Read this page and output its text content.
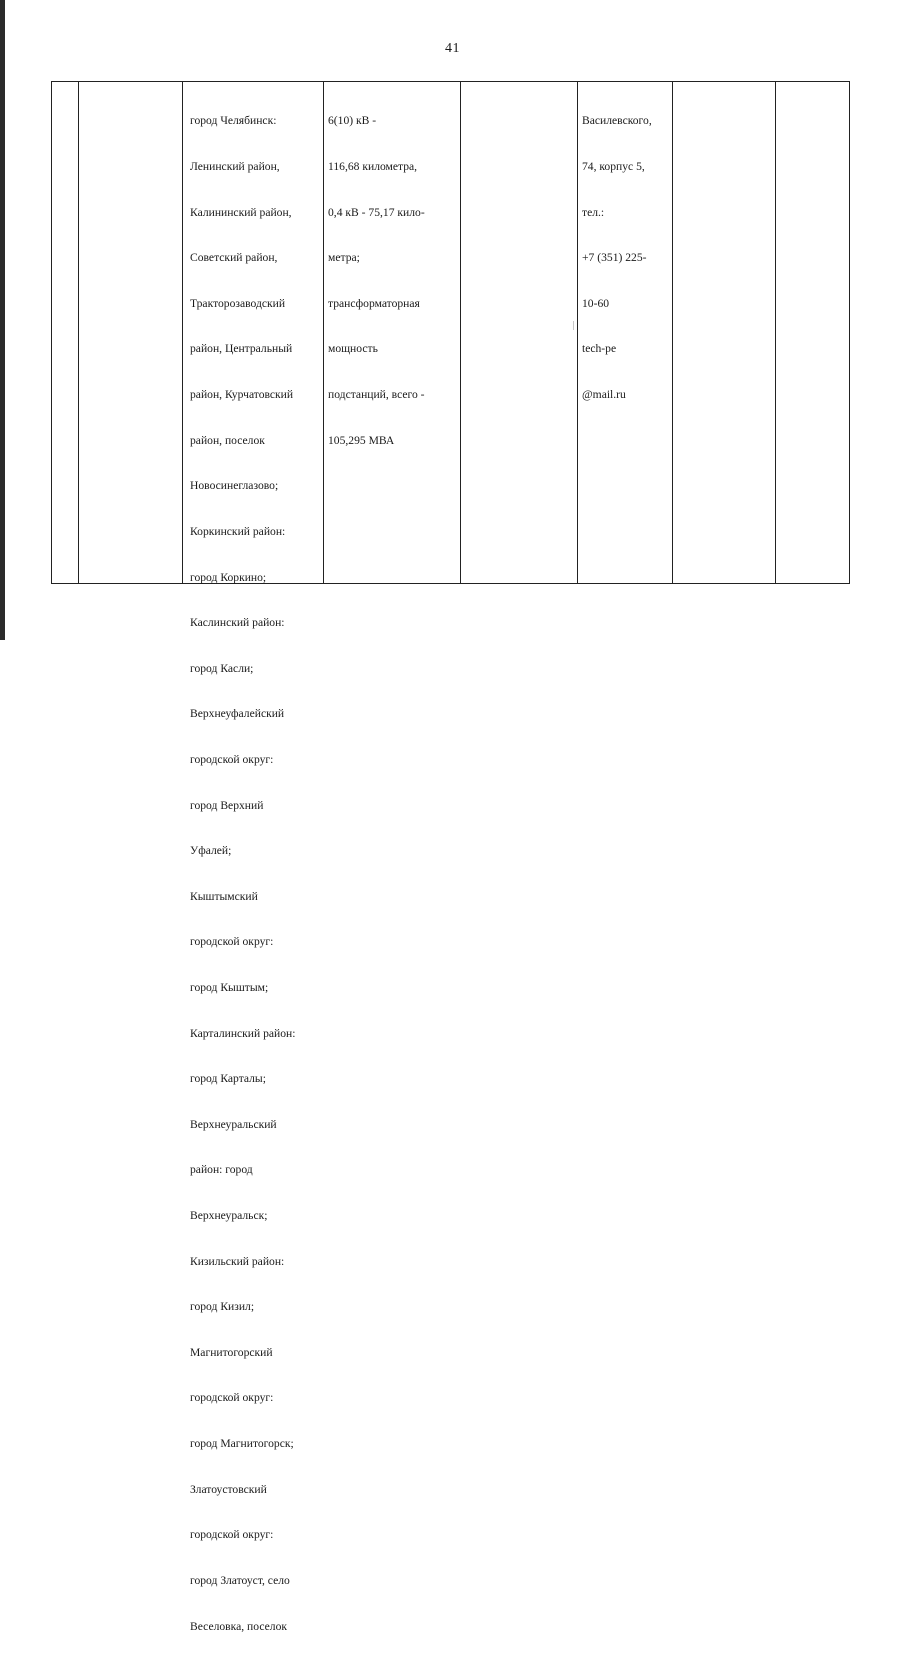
41

город Челябинск:

Ленинский район,

Калининский район,

Советский район,

Тракторозаводский

район, Центральный

район, Курчатовский

район, поселок

Новосинеглазово;

Коркинский район:

город Коркино;

Каслинский район:

город Касли;

Верхнеуфалейский

городской округ:

город Верхний

Уфалей;

Кыштымский

городской округ:

город Кыштым;

Карталинский район:

город Карталы;

Верхнеуральский

район: город

Верхнеуральск;

Кизильский район:

город Кизил;

Магнитогорский

городской округ:

город Магнитогорск;

Златоустовский

городской округ:

город Златоуст, село

Веселовка, поселок

6(10) кВ -

116,68 километра,

0,4 кВ - 75,17 кило-

метра;

трансформаторная

мощность

подстанций, всего -

105,295 МВА

Василевского,

74, корпус 5,

тел.:

+7 (351) 225-

10-60

tech-pe

@mail.ru
